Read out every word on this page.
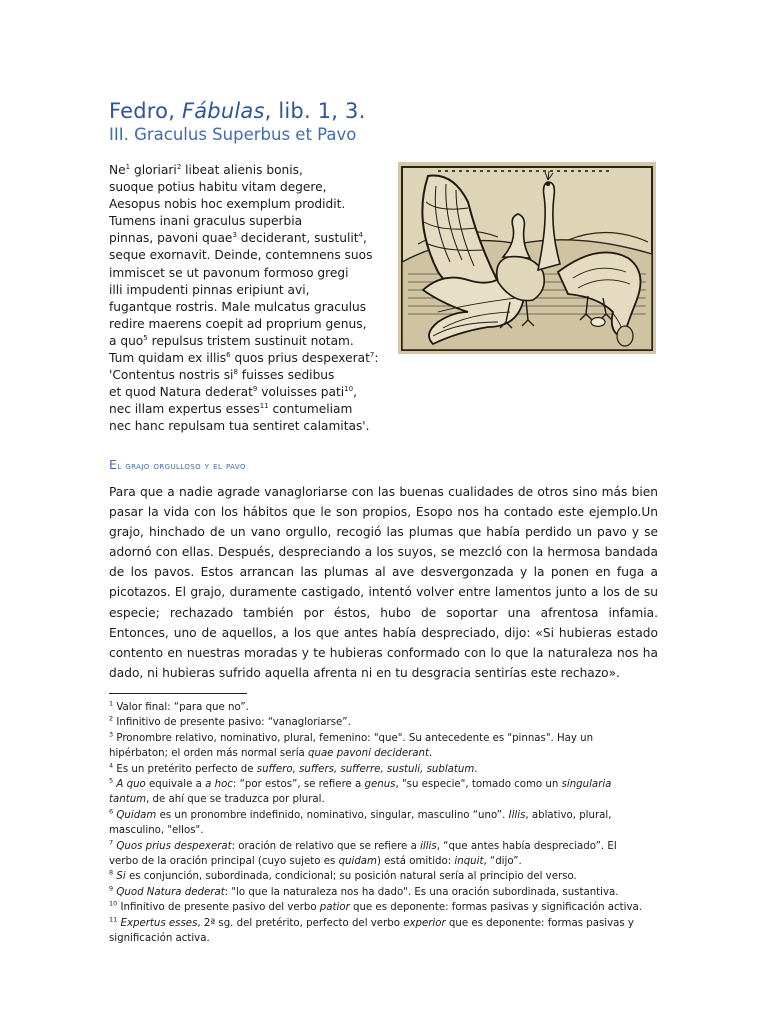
Fedro, Fábulas, lib. 1, 3.
III. Graculus Superbus et Pavo
Ne$^1$ gloriari$^2$ libeat alienis bonis,
suoque potius habitu vitam degere,
Aesopus nobis hoc exemplum prodidit.
Tumens inani graculus superbia
pinnas, pavoni quae$^3$ deciderant, sustulit$^4$,
seque exornavit. Deinde, contemnens suos
immiscet se ut pavonum formoso gregi
illi impudenti pinnas eripiunt avi,
fugantque rostris. Male mulcatus graculus
redire maerens coepit ad proprium genus,
a quo$^5$ repulsus tristem sustinuit notam.
Tum quidam ex illis$^6$ quos prius despexerat$^7$:
'Contentus nostris $si^8$ fuisses sedibus
et quod Natura dederat$^9$ voluisses pati$^{10}$,
nec illam expertus esses$^{11}$ contumeliam
nec hanc repulsam tua sentiret calamitas'.
El grajo orgulloso y el pavo

Para que a nadie agrade vanagloriarse con las buenas cualidades de otros sino más bien pasar la vida con los hábitos que le son propios, Esopo nos ha contado este ejemplo.Un grajo, hinchado de un vano orgullo, recogió las plumas que había perdido un pavo y se adornó con ellas. Después, despreciando a los suyos, se mezcló con la hermosa bandada de los pavos. Estos arrancan las plumas al ave desvergonzada y la ponen en fuga a picotazos. El grajo, duramente castigado, intentó volver entre lamentos junto a los de su especie; rechazado también por éstos, hubo de soportar una afrentosa infamia. Entonces, uno de aquellos, a los que antes había despreciado, dijo: «Si hubieras estado contento en nuestras moradas y te hubieras conformado con lo que la naturaleza nos ha dado, ni hubieras sufrido aquella afrenta ni en tu desgracia sentirías este rechazo».

$^1$ Valor final: “para que no”.

$^2$ Infinitivo de presente pasivo: “vanagloriarse”.

$^3$ Pronombre relativo, nominativo, plural, femenino: "que". Su antecedente es "pinnas". Hay un hipérbaton; el orden más normal sería quae pavoni deciderant.

$^4$ Es un pretérito perfecto de suffero, suffers, sufferre, sustuli, sublatum.

$^5$ A quo equivale a a hoc: “por estos”, se refiere a genus, "su especie", tomado como un singularia tantum, de ahí que se traduzca por plural.

$^6$ Quidam es un pronombre indefinido, nominativo, singular, masculino “uno”. Illis, ablativo, plural, masculino, "ellos".

$^7$ Quos prius despexerat: oración de relativo que se refiere a illis, “que antes había despreciado”. El verbo de la oración principal (cuyo sujeto es quidam) está omitido: inquit, “dijo”.

$^8$ Si es conjunción, subordinada, condicional; su posición natural sería al principio del verso.

$^9$ Quod Natura dederat: "lo que la naturaleza nos ha dado". Es una oración subordinada, sustantiva.

$^{10}$ Infinitivo de presente pasivo del verbo patior que es deponente: formas pasivas y significación activa.

$^{11}$ Expertus esses, 2ª sg. del pretérito, perfecto del verbo experior que es deponente: formas pasivas y significación activa.
